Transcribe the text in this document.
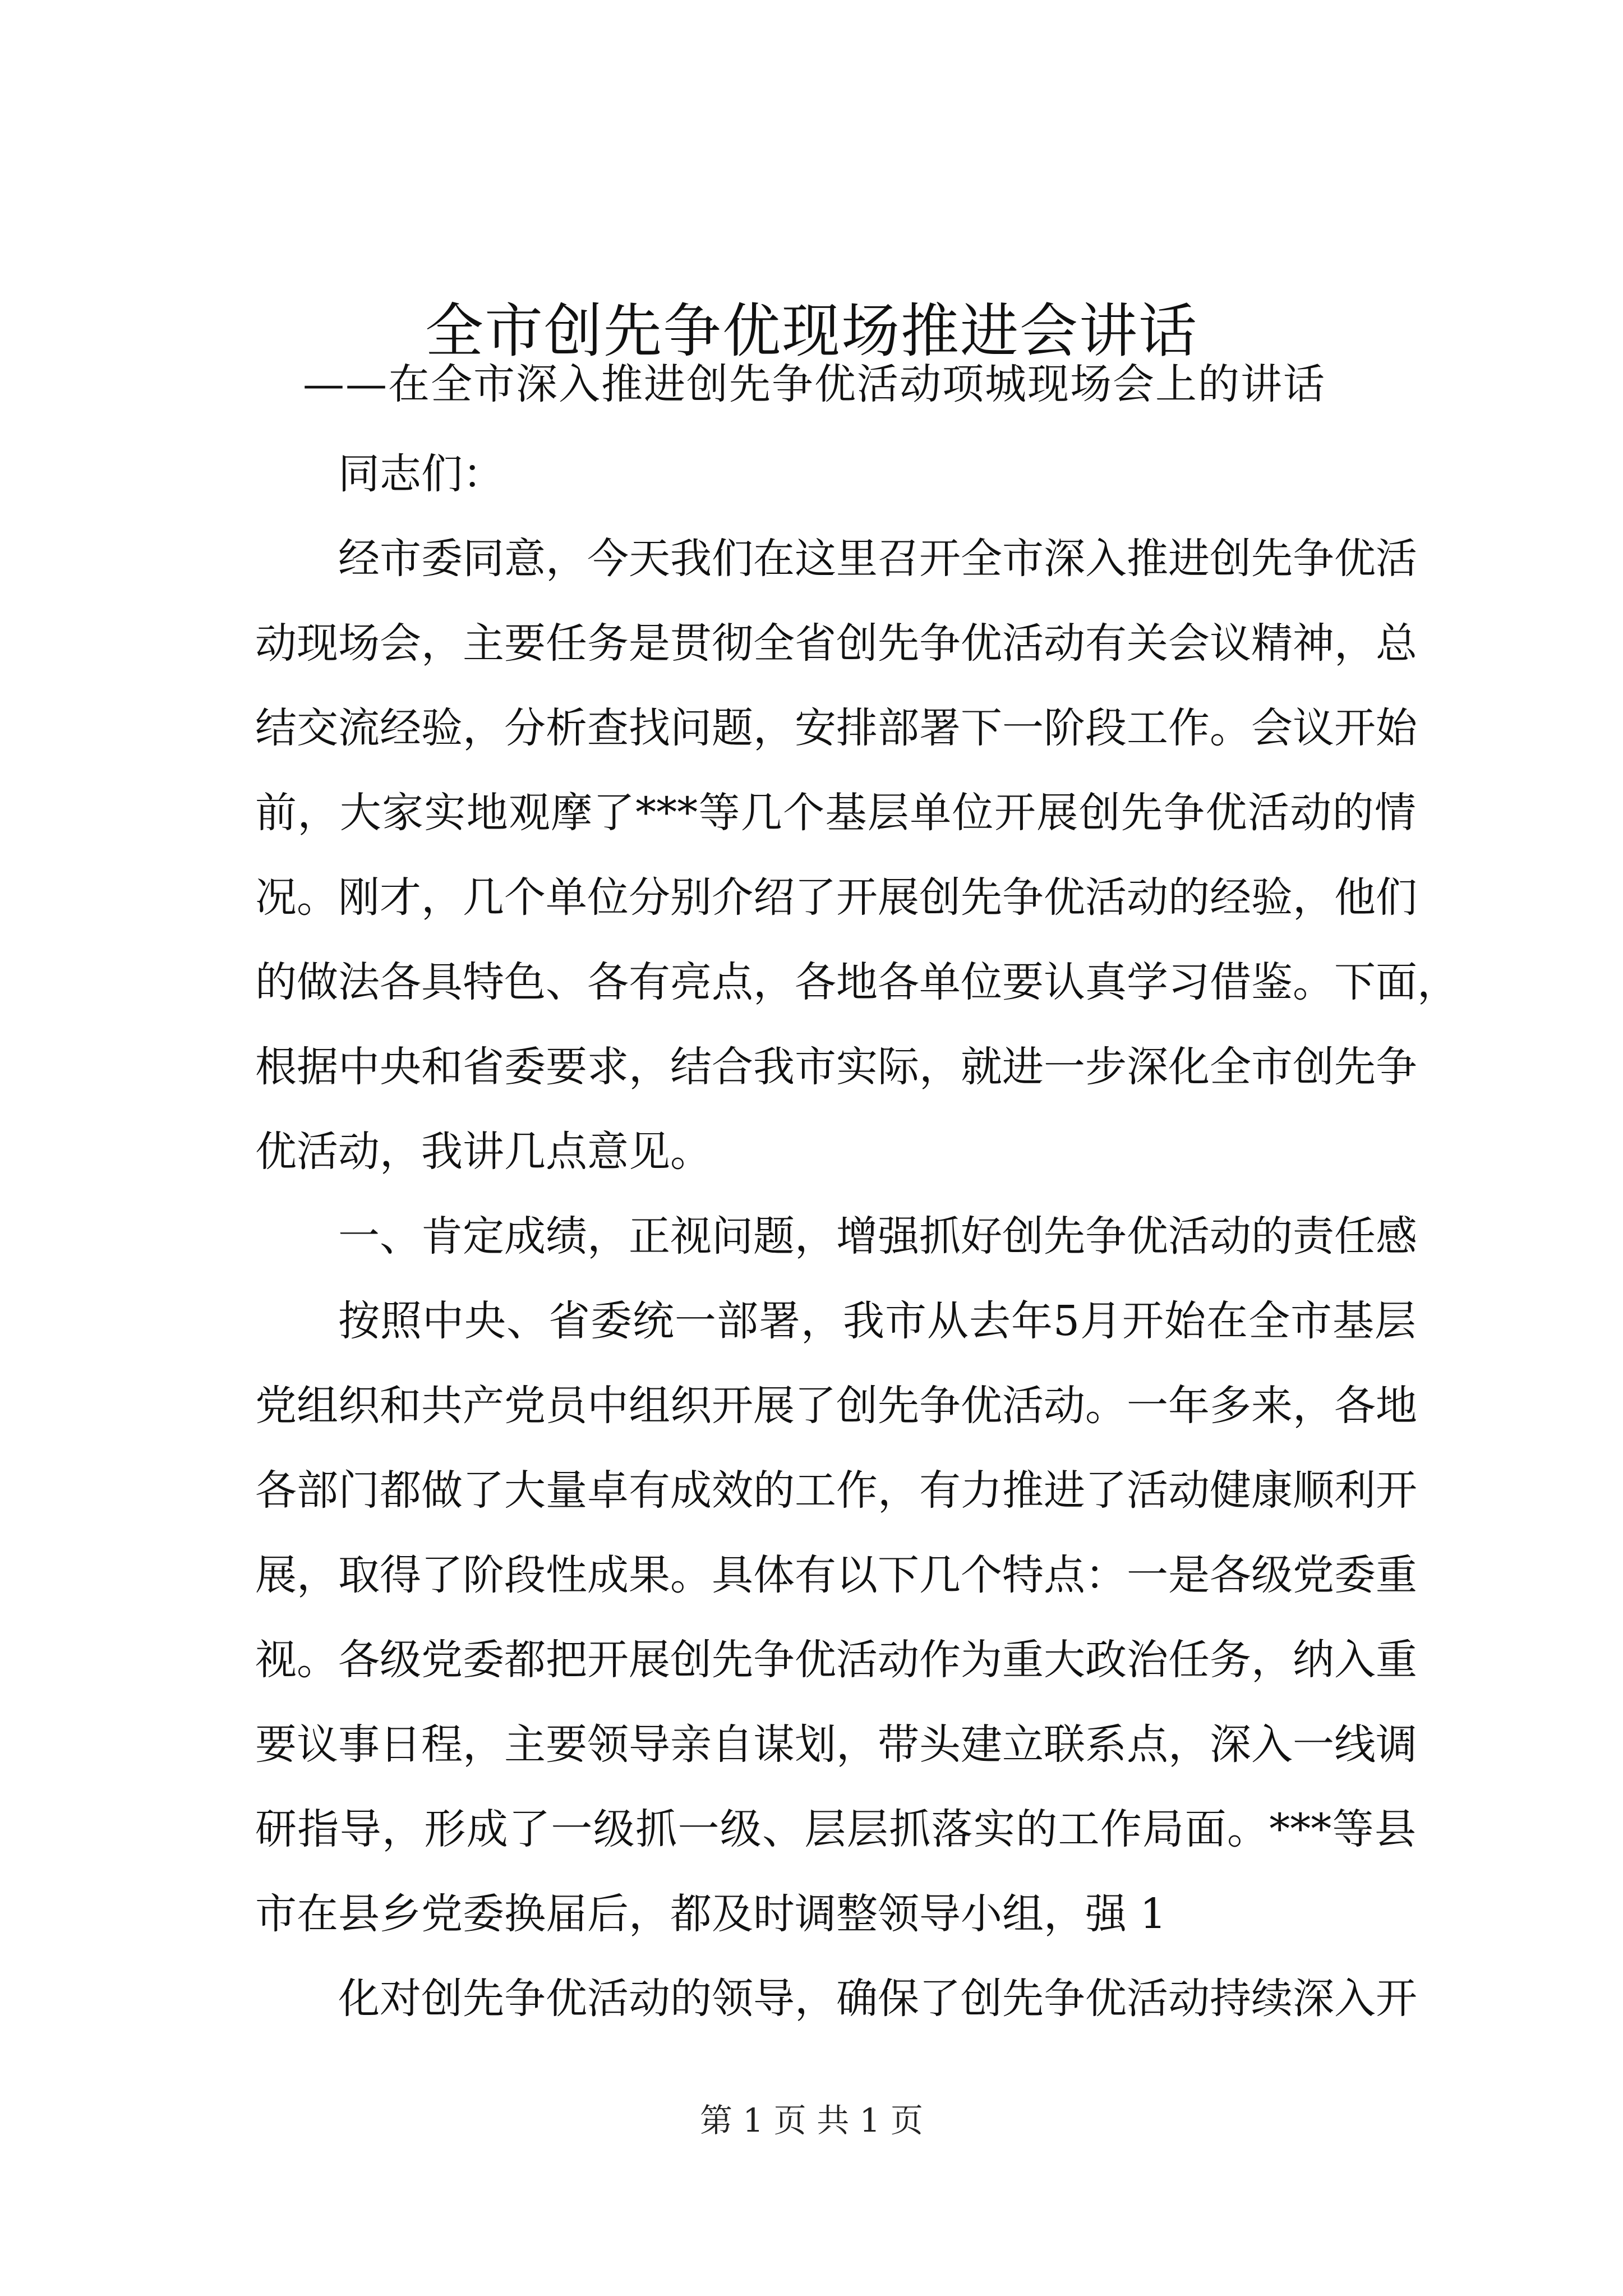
全市创先争优现场推进会讲话
——在全市深入推进创先争优活动项城现场会上的讲话
同志们：
经市委同意，今天我们在这里召开全市深入推进创先争优活
动现场会，主要任务是贯彻全省创先争优活动有关会议精神，总
结交流经验，分析查找问题，安排部署下一阶段工作。会议开始
前，大家实地观摩了***等几个基层单位开展创先争优活动的情
况。刚才，几个单位分别介绍了开展创先争优活动的经验，他们
的做法各具特色、各有亮点，各地各单位要认真学习借鉴。下面，
根据中央和省委要求，结合我市实际，就进一步深化全市创先争
优活动，我讲几点意见。
一、肯定成绩，正视问题，增强抓好创先争优活动的责任感
按照中央、省委统一部署，我市从去年5月开始在全市基层
党组织和共产党员中组织开展了创先争优活动。一年多来，各地
各部门都做了大量卓有成效的工作，有力推进了活动健康顺利开
展，取得了阶段性成果。具体有以下几个特点：一是各级党委重
视。各级党委都把开展创先争优活动作为重大政治任务，纳入重
要议事日程，主要领导亲自谋划，带头建立联系点，深入一线调
研指导，形成了一级抓一级、层层抓落实的工作局面。***等县
市在县乡党委换届后，都及时调整领导小组，强 1
化对创先争优活动的领导，确保了创先争优活动持续深入开
第 1 页 共 1 页
